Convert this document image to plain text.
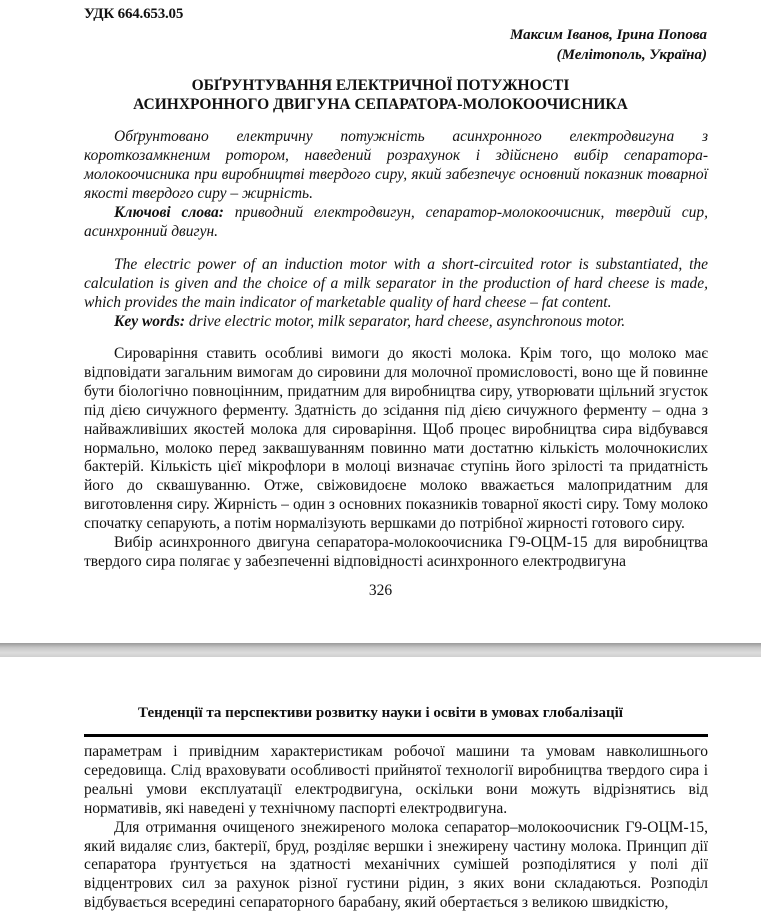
УДК 664.653.05
Максим Іванов, Ірина Попова
(Мелітополь, Україна)
ОБҐРУНТУВАННЯ ЕЛЕКТРИЧНОЇ ПОТУЖНОСТІ
АСИНХРОННОГО ДВИГУНА СЕПАРАТОРА-МОЛОКООЧИСНИКА

Обґрунтовано електричну потужність асинхронного електродвигуна з короткозамкненим ротором, наведений розрахунок і здійснено вибір сепаратора-молокоочисника при виробництві твердого сиру, який забезпечує основний показник товарної якості твердого сиру – жирність.

Ключові слова: приводний електродвигун, сепаратор-молокоочисник, твердий сир, асинхронний двигун.

The electric power of an induction motor with a short-circuited rotor is substantiated, the calculation is given and the choice of a milk separator in the production of hard cheese is made, which provides the main indicator of marketable quality of hard cheese – fat content.

Key words: drive electric motor, milk separator, hard cheese, asynchronous motor.

Сироваріння ставить особливі вимоги до якості молока. Крім того, що молоко має відповідати загальним вимогам до сировини для молочної промисловості, воно ще й повинне бути біологічно повноцінним, придатним для виробництва сиру, утворювати щільний згусток під дією сичужного ферменту. Здатність до зсідання під дією сичужного ферменту – одна з найважливіших якостей молока для сироваріння. Щоб процес виробництва сира відбувався нормально, молоко перед заквашуванням повинно мати достатню кількість молочнокислих бактерій. Кількість цієї мікрофлори в молоці визначає ступінь його зрілості та придатність його до сквашуванню. Отже, свіжовидоєне молоко вважається малопридатним для виготовлення сиру. Жирність – один з основних показників товарної якості сиру. Тому молоко спочатку сепарують, а потім нормалізують вершками до потрібної жирності готового сиру.

Вибір асинхронного двигуна сепаратора-молокоочисника Г9-ОЦМ-15 для виробництва твердого сира полягає у забезпеченні відповідності асинхронного електродвигуна

326
Тенденції та перспективи розвитку науки і освіти в умовах глобалізації

параметрам і привідним характеристикам робочої машини та умовам навколишнього середовища. Слід враховувати особливості прийнятої технології виробництва твердого сира і реальні умови експлуатації електродвигуна, оскільки вони можуть відрізнятись від нормативів, які наведені у технічному паспорті електродвигуна.

Для отримання очищеного знежиреного молока сепаратор–молокоочисник Г9-ОЦМ-15, який видаляє слиз, бактерії, бруд, розділяє вершки і знежирену частину молока. Принцип дії сепаратора ґрунтується на здатності механічних сумішей розподілятися у полі дії відцентрових сил за рахунок різної густини рідин, з яких вони складаються. Розподіл відбувається всередині сепараторного барабану, який обертається з великою швидкістю,
